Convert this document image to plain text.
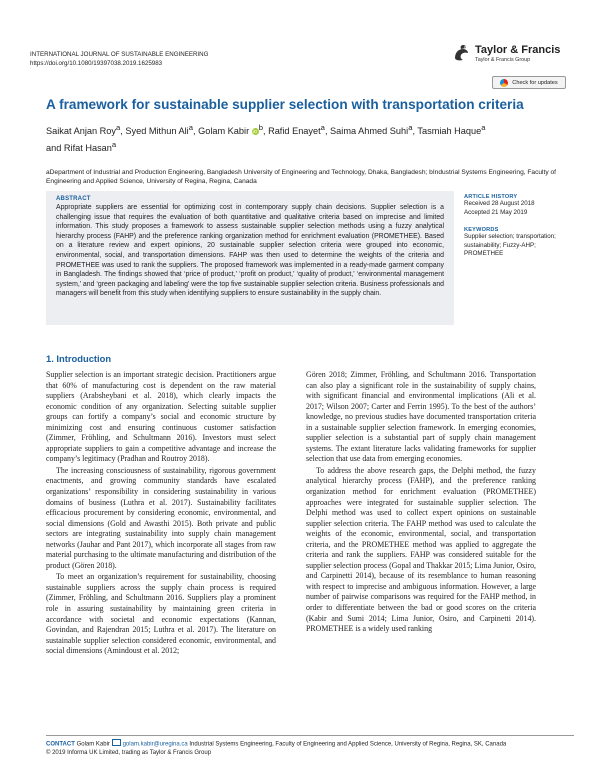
INTERNATIONAL JOURNAL OF SUSTAINABLE ENGINEERING
https://doi.org/10.1080/19397038.2019.1625983
Taylor & Francis
Taylor & Francis Group
Check for updates
A framework for sustainable supplier selection with transportation criteria
Saikat Anjan Roy$^a$, Syed Mithun Ali$^a$, Golam Kabir $iD^b$, Rafid Enayet$^a$, Saima Ahmed Suhi$^a$, Tasmiah Haque$^a$
and Rifat Hasan$^a$
aDepartment of Industrial and Production Engineering, Bangladesh University of Engineering and Technology, Dhaka, Bangladesh; bIndustrial Systems Engineering, Faculty of Engineering and Applied Science, University of Regina, Regina, Canada
ABSTRACT
Appropriate suppliers are essential for optimizing cost in contemporary supply chain decisions. Supplier selection is a challenging issue that requires the evaluation of both quantitative and qualitative criteria based on imprecise and limited information. This study proposes a framework to assess sustainable supplier selection methods using a fuzzy analytical hierarchy process (FAHP) and the preference ranking organization method for enrichment evaluation (PROMETHEE). Based on a literature review and expert opinions, 20 sustainable supplier selection criteria were grouped into economic, environmental, social, and transportation dimensions. FAHP was then used to determine the weights of the criteria and PROMETHEE was used to rank the suppliers. The proposed framework was implemented in a ready-made garment company in Bangladesh. The findings showed that ‘price of product,’ ‘profit on product,’ ‘quality of product,’ ‘environmental management system,’ and ‘green packaging and labeling’ were the top five sustainable supplier selection criteria. Business professionals and managers will benefit from this study when identifying suppliers to ensure sustainability in the supply chain.
ARTICLE HISTORY
Received 28 August 2018
Accepted 21 May 2019
KEYWORDS
Supplier selection; transportation; sustainability; Fuzzy-AHP; PROMETHEE
1. Introduction

Supplier selection is an important strategic decision. Practitioners argue that 60% of manufacturing cost is dependent on the raw material suppliers (Arabsheybani et al. 2018), which clearly impacts the economic condition of any organization. Selecting suitable supplier groups can fortify a company’s social and economic structure by minimizing cost and ensuring continuous customer satisfaction (Zimmer, Fröhling, and Schultmann 2016). Investors must select appropriate suppliers to gain a competitive advantage and increase the company’s legitimacy (Pradhan and Routroy 2018).

The increasing consciousness of sustainability, rigorous government enactments, and growing community standards have escalated organizations’ responsibility in considering sustainability in various domains of business (Luthra et al. 2017). Sustainability facilitates efficacious procurement by considering economic, environmental, and social dimensions (Gold and Awasthi 2015). Both private and public sectors are integrating sustainability into supply chain management networks (Jauhar and Pant 2017), which incorporate all stages from raw material purchasing to the ultimate manufacturing and distribution of the product (Gören 2018).

To meet an organization’s requirement for sustainability, choosing sustainable suppliers across the supply chain process is required (Zimmer, Fröhling, and Schultmann 2016. Suppliers play a prominent role in assuring sustainability by maintaining green criteria in accordance with societal and economic expectations (Kannan, Govindan, and Rajendran 2015; Luthra et al. 2017). The literature on sustainable supplier selection considered economic, environmental, and social dimensions (Amindoust et al. 2012;

Gören 2018; Zimmer, Fröhling, and Schultmann 2016. Transportation can also play a significant role in the sustainability of supply chains, with significant financial and environmental implications (Ali et al. 2017; Wilson 2007; Carter and Ferrin 1995). To the best of the authors’ knowledge, no previous studies have documented transportation criteria in a sustainable supplier selection framework. In emerging economies, supplier selection is a substantial part of supply chain management systems. The extant literature lacks validating frameworks for supplier selection that use data from emerging economies.

To address the above research gaps, the Delphi method, the fuzzy analytical hierarchy process (FAHP), and the preference ranking organization method for enrichment evaluation (PROMETHEE) approaches were integrated for sustainable supplier selection. The Delphi method was used to collect expert opinions on sustainable supplier selection criteria. The FAHP method was used to calculate the weights of the economic, environmental, social, and transportation criteria, and the PROMETHEE method was applied to aggregate the criteria and rank the suppliers. FAHP was considered suitable for the supplier selection process (Gopal and Thakkar 2015; Lima Junior, Osiro, and Carpinetti 2014), because of its resemblance to human reasoning with respect to imprecise and ambiguous information. However, a large number of pairwise comparisons was required for the FAHP method, in order to differentiate between the bad or good scores on the criteria (Kabir and Sumi 2014; Lima Junior, Osiro, and Carpinetti 2014). PROMETHEE is a widely used ranking

CONTACT Golam Kabir golam.kabir@uregina.ca Industrial Systems Engineering, Faculty of Engineering and Applied Science, University of Regina, Regina, SK, Canada
© 2019 Informa UK Limited, trading as Taylor & Francis Group
